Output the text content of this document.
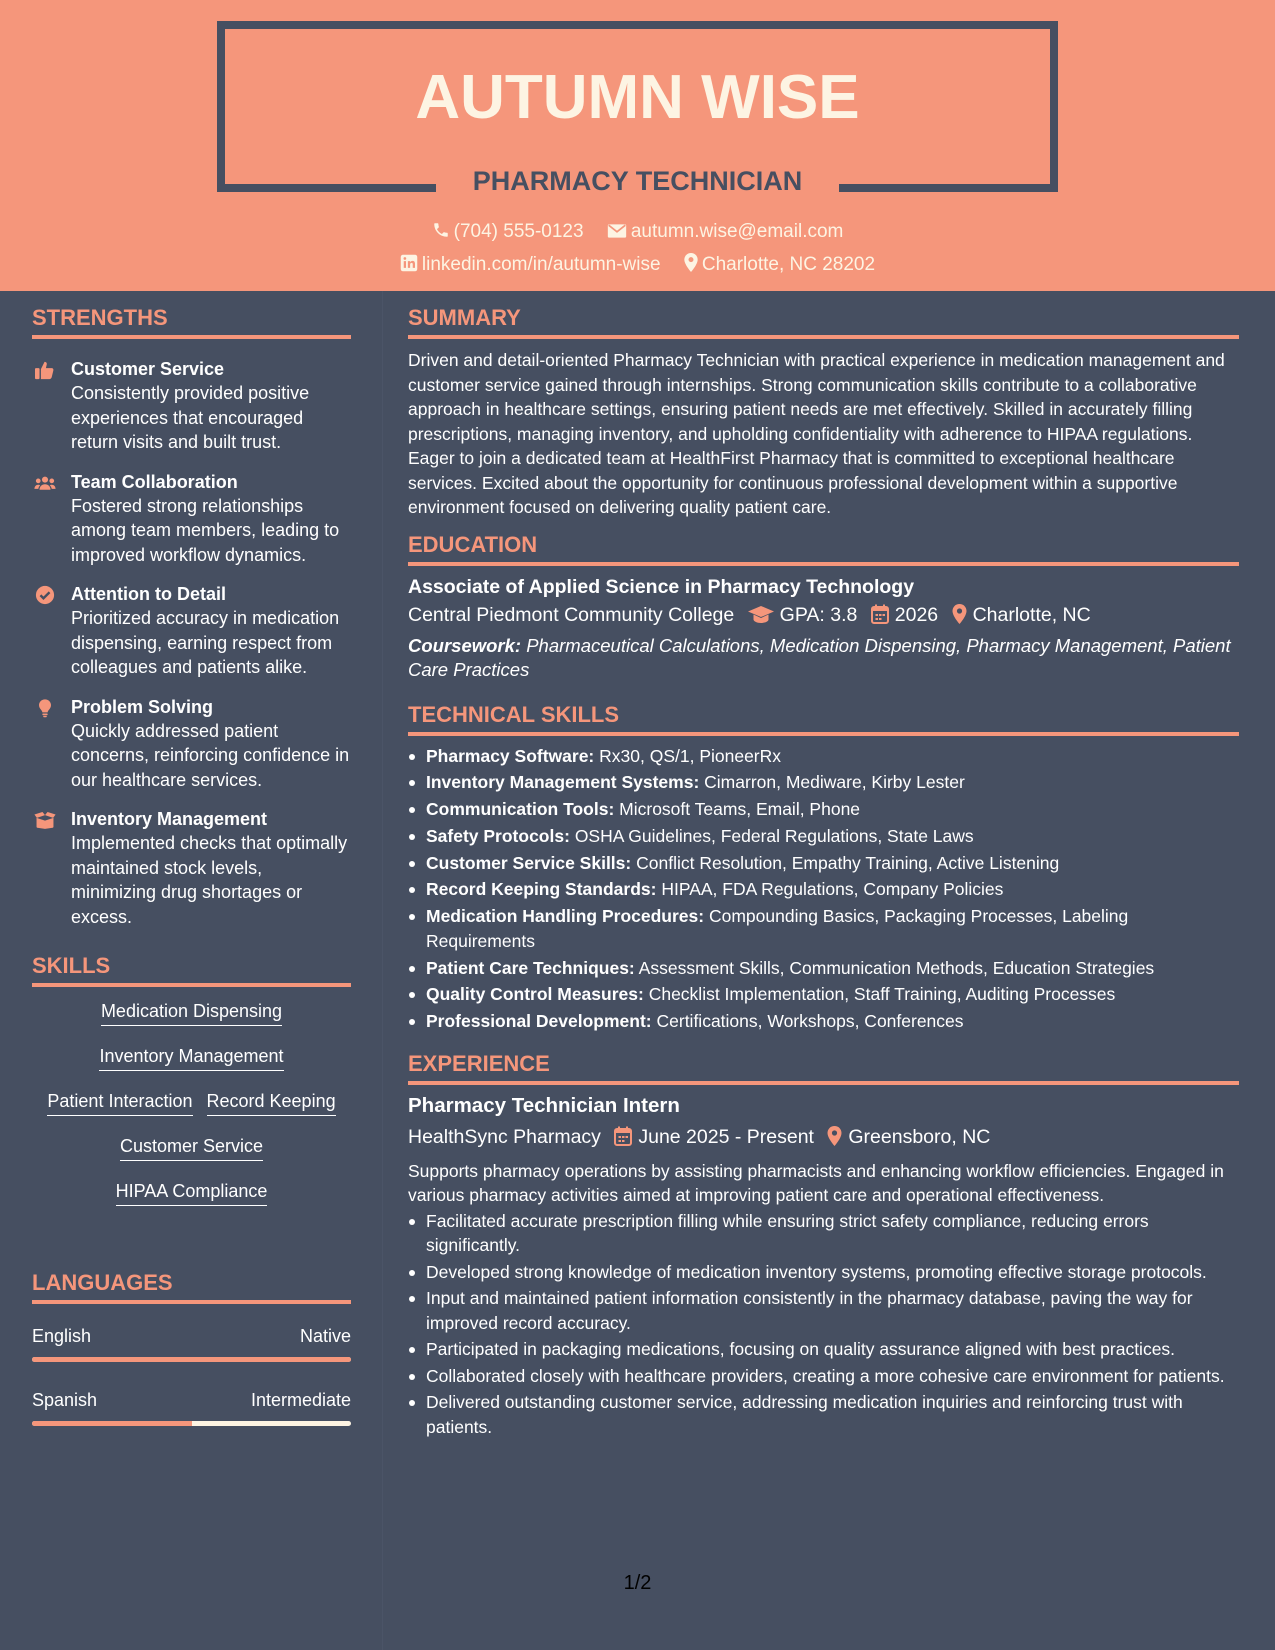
AUTUMN WISE
PHARMACY TECHNICIAN
(704) 555-0123 autumn.wise@email.com
linkedin.com/in/autumn-wise Charlotte, NC 28202
STRENGTHS
Customer Service
Consistently provided positive experiences that encouraged return visits and built trust.
Team Collaboration
Fostered strong relationships among team members, leading to improved workflow dynamics.
Attention to Detail
Prioritized accuracy in medication dispensing, earning respect from colleagues and patients alike.
Problem Solving
Quickly addressed patient concerns, reinforcing confidence in our healthcare services.
Inventory Management
Implemented checks that optimally maintained stock levels, minimizing drug shortages or excess.
SKILLS
Medication Dispensing
Inventory Management
Patient Interaction Record Keeping
Customer Service
HIPAA Compliance
LANGUAGES
English	Native
Spanish	Intermediate
SUMMARY

Driven and detail-oriented Pharmacy Technician with practical experience in medication management and customer service gained through internships. Strong communication skills contribute to a collaborative approach in healthcare settings, ensuring patient needs are met effectively. Skilled in accurately filling prescriptions, managing inventory, and upholding confidentiality with adherence to HIPAA regulations. Eager to join a dedicated team at HealthFirst Pharmacy that is committed to exceptional healthcare services. Excited about the opportunity for continuous professional development within a supportive environment focused on delivering quality patient care.

EDUCATION
Associate of Applied Science in Pharmacy Technology
Central Piedmont Community College GPA: 3.8 2026 Charlotte, NC
Coursework: Pharmaceutical Calculations, Medication Dispensing, Pharmacy Management, Patient Care Practices
TECHNICAL SKILLS
Pharmacy Software: Rx30, QS/1, PioneerRx
Inventory Management Systems: Cimarron, Mediware, Kirby Lester
Communication Tools: Microsoft Teams, Email, Phone
Safety Protocols: OSHA Guidelines, Federal Regulations, State Laws
Customer Service Skills: Conflict Resolution, Empathy Training, Active Listening
Record Keeping Standards: HIPAA, FDA Regulations, Company Policies
Medication Handling Procedures: Compounding Basics, Packaging Processes, Labeling Requirements
Patient Care Techniques: Assessment Skills, Communication Methods, Education Strategies
Quality Control Measures: Checklist Implementation, Staff Training, Auditing Processes
Professional Development: Certifications, Workshops, Conferences
EXPERIENCE
Pharmacy Technician Intern
HealthSync Pharmacy June 2025 - Present Greensboro, NC

Supports pharmacy operations by assisting pharmacists and enhancing workflow efficiencies. Engaged in various pharmacy activities aimed at improving patient care and operational effectiveness.

Facilitated accurate prescription filling while ensuring strict safety compliance, reducing errors significantly.
Developed strong knowledge of medication inventory systems, promoting effective storage protocols.
Input and maintained patient information consistently in the pharmacy database, paving the way for improved record accuracy.
Participated in packaging medications, focusing on quality assurance aligned with best practices.
Collaborated closely with healthcare providers, creating a more cohesive care environment for patients.
Delivered outstanding customer service, addressing medication inquiries and reinforcing trust with patients.
1/2
